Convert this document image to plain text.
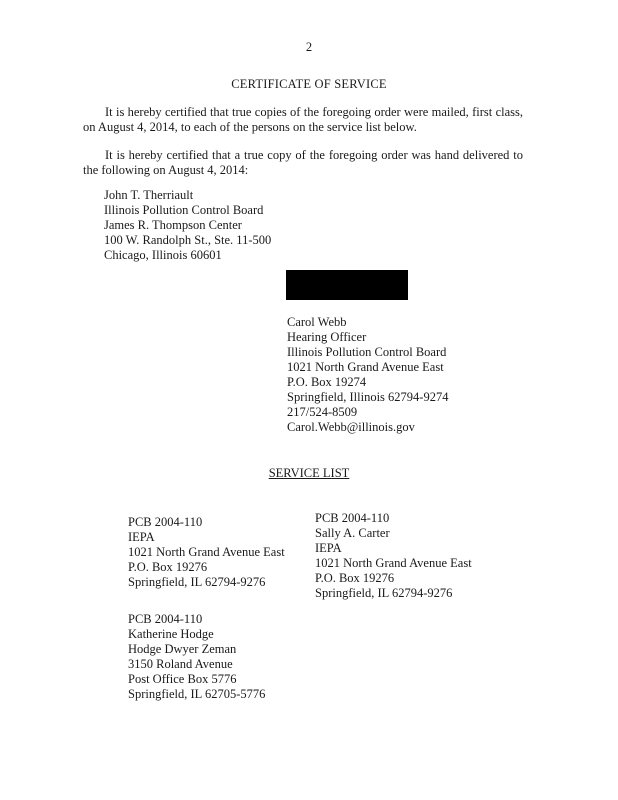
2
CERTIFICATE OF SERVICE
It is hereby certified that true copies of the foregoing order were mailed, first class, on August 4, 2014, to each of the persons on the service list below.
It is hereby certified that a true copy of the foregoing order was hand delivered to the following on August 4, 2014:
John T. Therriault
Illinois Pollution Control Board
James R. Thompson Center
100 W. Randolph St., Ste. 11-500
Chicago, Illinois 60601
Carol Webb
Hearing Officer
Illinois Pollution Control Board
1021 North Grand Avenue East
P.O. Box 19274
Springfield, Illinois 62794-9274
217/524-8509
Carol.Webb@illinois.gov
SERVICE LIST
PCB 2004-110
IEPA
1021 North Grand Avenue East
P.O. Box 19276
Springfield, IL 62794-9276
PCB 2004-110
Sally A. Carter
IEPA
1021 North Grand Avenue East
P.O. Box 19276
Springfield, IL 62794-9276
PCB 2004-110
Katherine Hodge
Hodge Dwyer Zeman
3150 Roland Avenue
Post Office Box 5776
Springfield, IL 62705-5776
